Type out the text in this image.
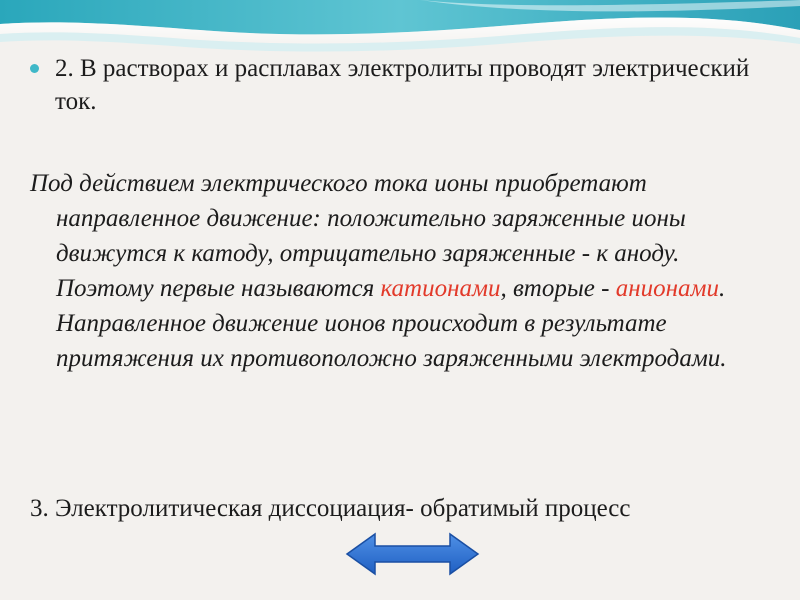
2. В растворах и расплавах электролиты проводят электрический ток.
Под действием электрического тока ионы приобретают направленное движение: положительно заряженные ионы движутся к катоду, отрицательно заряженные - к аноду. Поэтому первые называются катионами, вторые - анионами. Направленное движение ионов происходит в результате притяжения их противоположно заряженными электродами.
3. Электролитическая диссоциация- обратимый процесс
